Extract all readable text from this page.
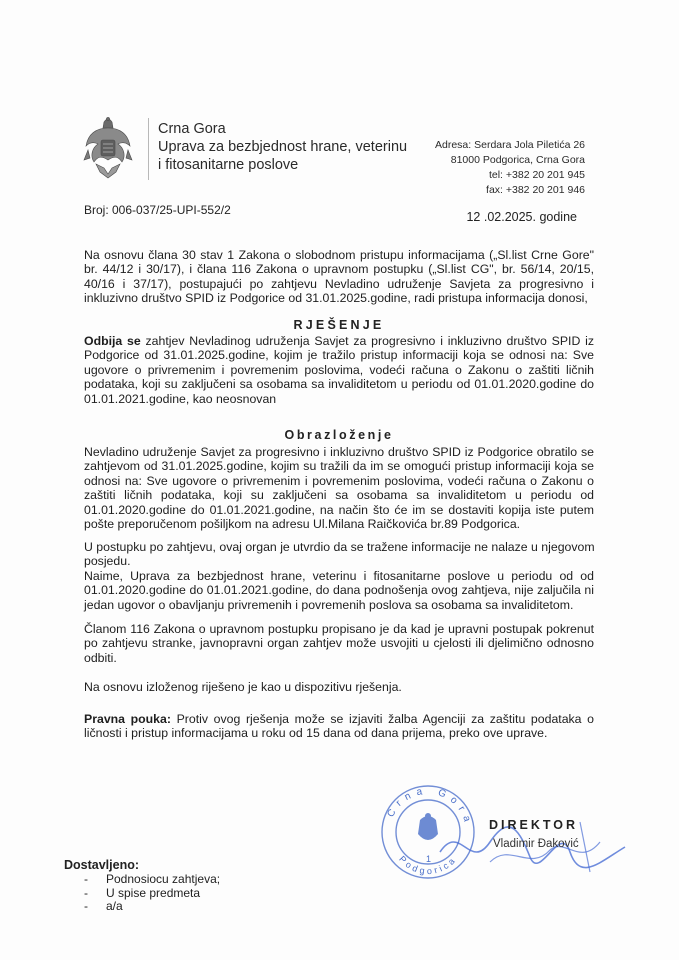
Crna Gora
Uprava za bezbjednost hrane, veterinu
i fitosanitarne poslove
Adresa: Serdara Jola Piletića 26
81000 Podgorica, Crna Gora
tel: +382 20 201 945
fax: +382 20 201 946
Broj: 006-037/25-UPI-552/2	12 .02.2025. godine
Na osnovu člana 30 stav 1 Zakona o slobodnom pristupu informacijama („Sl.list Crne Gore"
br. 44/12 i 30/17), i člana 116 Zakona o upravnom postupku („Sl.list CG", br. 56/14, 20/15,
40/16 i 37/17), postupajući po zahtjevu Nevladino udruženje Savjeta za progresivno i
inkluzivno društvo SPID iz Podgorice od 31.01.2025.godine, radi pristupa informacija donosi,
RJEŠENJE
Odbija se zahtjev Nevladinog udruženja Savjet za progresivno i inkluzivno društvo SPID iz
Podgorice od 31.01.2025.godine, kojim je tražilo pristup informaciji koja se odnosi na: Sve
ugovore o privremenim i povremenim poslovima, vodeći računa o Zakonu o zaštiti ličnih
podataka, koji su zaključeni sa osobama sa invaliditetom u periodu od 01.01.2020.godine do
01.01.2021.godine, kao neosnovan
Obrazloženje
Nevladino udruženje Savjet za progresivno i inkluzivno društvo SPID iz Podgorice obratilo se
zahtjevom od 31.01.2025.godine, kojim su tražili da im se omogući pristup informaciji koja se
odnosi na: Sve ugovore o privremenim i povremenim poslovima, vodeći računa o Zakonu o
zaštiti ličnih podataka, koji su zaključeni sa osobama sa invaliditetom u periodu od
01.01.2020.godine do 01.01.2021.godine, na način što će im se dostaviti kopija iste putem
pošte preporučenom pošiljkom na adresu Ul.Milana Raičkovića br.89 Podgorica.
U postupku po zahtjevu, ovaj organ je utvrdio da se tražene informacije ne nalaze u njegovom
posjedu.
Naime, Uprava za bezbjednost hrane, veterinu i fitosanitarne poslove u periodu od od
01.01.2020.godine do 01.01.2021.godine, do dana podnošenja ovog zahtjeva, nije zaljučila ni
jedan ugovor o obavljanju privremenih i povremenih poslova sa osobama sa invaliditetom.
Članom 116 Zakona o upravnom postupku propisano je da kad je upravni postupak pokrenut
po zahtjevu stranke, javnopravni organ zahtjev može usvojiti u cjelosti ili djelimično odnosno
odbiti.
Na osnovu izloženog riješeno je kao u dispozitivu rješenja.
Pravna pouka: Protiv ovog rješenja može se izjaviti žalba Agenciji za zaštitu podataka o
ličnosti i pristup informacijama u roku od 15 dana od dana prijema, preko ove uprave.
Crna Gora
Podgorica
1
DIREKTOR
Vladimir Đaković
Dostavljeno:
-	Podnosiocu zahtjeva;
-	U spise predmeta
-	a/a
